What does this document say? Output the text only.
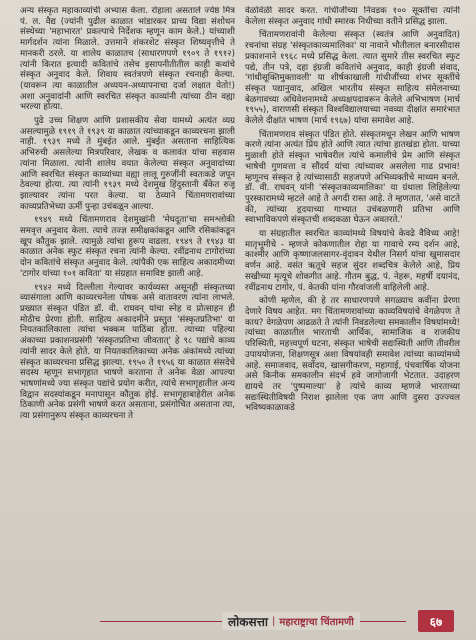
अन्य संस्कृत महाकाव्यांची अभ्यास केला. रोहाला असताले ज्येष्ठ मित्र पं. ल. वैद्य (ज्यांनी पुढील काळात भांडारकर प्राच्य विद्या संशोधन संस्थेच्या 'महाभारत' प्रकल्पाचे निर्देशक म्हणून काम केले.) यांच्याशी मार्गदर्शन त्यांना मिळाले. उत्तमाने शंकरशेट संस्कृत शिष्यवृत्तीचे ते मानकरी ठरले. या शालेय काळातच (साधारणपणे १९०९ ते १९१२) त्यांनी किरात इत्यादी कवितांचे तसेच इसापनीतीतील काही कथांचे संस्कृत अनुवाद केले. शिवाय स्वतंत्रपणे संस्कृत रचनाही केल्या. (यावरून त्या काळातील अध्ययन-अध्यापनाचा दर्जा लक्षात येतो!) अशा अनुवादांनी आणि स्वरचित संस्कृत काव्यांनी त्यांच्या ठीन वह्या भरल्या होत्या.

पुढे उच्च शिक्षण आणि प्रशासकीय सेवा यामध्ये अत्यंत व्यग्र असल्यामुळे १९१९ ते १९३९ या काळात त्यांच्याकडून काव्यरचना झाली नाही. १९३९ मध्ये ते मुंबईत आले. मुंबईत असताना साहित्यिक अभिरुची असलेल्या मित्रपरिवार, लेखक व कलावंत यांचा सहवास त्यांना मिळाला. त्यांनी शालेय वयात केलेल्या संस्कृत अनुवादांच्या आणि स्वरचित संस्कृत काव्यांच्या वह्या लालू गुरुजींनी स्वतःकडे जपून ठेवल्या होत्या. त्या त्यांनी १९३९ मध्ये देशमुख हिंदुस्तानी बँकेत रुजू झाल्यावर त्यांना परत केल्या. या ठेव्याने चिंतामणरावांच्या काव्यप्रतिभेच्या ऊर्मी पुन्हा उचंबळून आल्या.

१९४९ मध्ये चिंतामणराव देशमुखांनी 'मेघदूता'चा समश्लोकी समवृत्त अनुवाद केला. त्याचे तज्ज्ञ समीक्षकांकडून आणि रसिकांकडून खूप कौतुक झाले. त्यामुळे त्यांचा हुरूप वाढला. १९४९ ते १९४३ या काळात अनेक स्फुट संस्कृत रचना त्यांनी केल्या. रवींद्रनाथ टागोरांच्या दोन कवितांचे संस्कृत अनुवाद केले. त्यांपैकी एक साहित्य अकादमीच्या 'टागोर यांच्या १०१ कविता' या संग्रहात समाविष्ट झाली आहे.

१९४२ मध्ये दिल्लीला गेल्यावर कार्यव्यस्त असूनही संस्कृतच्या व्यासंगाला आणि काव्यरचनेला पोषक असे वातावरण त्यांना लाभले. प्रख्यात संस्कृत पंडित डॉ. वी. राघवन् यांचा स्नेह व प्रोत्साहन ही मोठीच प्रेरणा होती. साहित्य अकादमीने प्रस्तुत 'संस्कृतप्रतिभा' या नियतकालिकाला त्यांचा भक्कम पाठिंबा होता. त्याच्या पहिल्या अंकाच्या प्रकाशनप्रसंगी 'संस्कृतप्रतिभा जीवतात्' हे ९८ पद्यांचे काव्य त्यांनी सादर केले होते. या नियतकालिकाच्या अनेक अंकांमध्ये त्यांच्या संस्कृत काव्यरचना प्रसिद्ध झाल्या. १९५० ते १९५६ या काळात संसदेचे सदस्य म्हणून सभागृहात भाषणे करताना ते अनेक वेळा आपल्या भाषणांमध्ये ज्या संस्कृत पद्यांचे प्रयोग करीत, त्यांचे सभागृहातील अन्य विद्वान सदस्यांकडून मनापासून कौतुक होई. सभागृहाबाहेरील अनेक ठिकाणी अनेक प्रसंगी भाषणे करत असताना, प्रसंगोचित असताना त्या, त्या प्रसंगानुरूप संस्कृत काव्यरचना ते

वेळोवेळी सादर करत. गांधीजींच्या निवडक १०० सूक्तींचा त्यांनी केलेला संस्कृत अनुवाद गांधी स्मारक निधीच्या वतीने प्रसिद्ध झाला.

चिंतामणरावांनी केलेल्या संस्कृत (स्वतंत्र आणि अनुवादित) रचनांचा संग्रह 'संस्कृतकाव्यमालिका' या नावाने भौतीलाल बनारसीदास प्रकाशनाने १९६८ मध्ये प्रसिद्ध केला. त्यात सुमारे तीस स्वरचित स्फुट पद्ये, तीन पत्रे, दहा इंग्रजी कवितांचे अनुवाद, काही इंग्रजी संवाद, 'गांधीसूक्तिमुक्तावली' या शीर्षकाखाली गांधीजींच्या शंभर सूक्तींचे संस्कृत पद्यानुवाद, अखिल भारतीय संस्कृत साहित्य संमेलनाच्या बेळगावच्या अधिवेशनामध्ये अध्यक्षपदावरून केलेले अभिभाषण (मार्च १९५५), वाराणसी संस्कृत विश्वविद्यालयाच्या नवव्या दीक्षांत समारंभात केलेले दीक्षांत भाषण (मार्च १९६७) यांचा समावेश आहे.

चिंतामणराव संस्कृत पंडित होते. संस्कृतमधून लेखन आणि भाषण करणे त्यांना अत्यंत प्रिय होते आणि त्यात त्यांचा हातखंडा होता. याच्या मुळाशी होते संस्कृत भाषेवरील त्यांचे कमालीचे प्रेम आणि संस्कृत भाषेची गुणवत्ता व सौंदर्य यांचा त्यांच्यावर असलेला गाढ प्रभाव! म्हणूनच संस्कृत हे त्यांच्यासाठी सहजपणे अभिव्यक्तीचे माध्यम बनले. डॉ. वी. राघवन् यांनी 'संस्कृतकाव्यमालिका' या ग्रंथाला लिहिलेल्या पुरस्कारामध्ये म्हटले आहे ते अगदी रास्त आहे. ते म्हणतात, 'असे वाटते की, त्यांच्या हृदयाच्या गाभ्यात उचंबळणारी प्रतिभा आणि स्वाभाविकपणे संस्कृतची शब्दकळा घेऊन अवतरते.'

या संग्रहातील स्वरचित काव्यांमध्ये विषयांचे केवढे वैविध्य आहे! मातृभूमीचे - म्हणजे कोकणातील रोहा या गावाचे रम्य दर्शन आहे, काश्मीर आणि कृष्णाजलसागर-वृंदावन येथील निसर्ग यांचा खुमासदार वर्णन आहे. वसंत ऋतूचे सहज सुंदर शब्दचित्र केलेले आहे, प्रिय सखीच्या मृत्यूचे शोकगीत आहे. गौतम बुद्ध, पं. नेहरू, महर्षी दयानंद, रवींद्रनाथ टागोर, पं. केतकी यांना गौरवांजली वाहिलेली आहे.

कोणी म्हणेल, की हे तर साधारणपणे सगळ्याच कवींना प्रेरणा देणारे विषय आहेत. मग चिंतामणरावांच्या काव्यविषयांचे वेगळेपण ते काय? वेगळेपण आढळते ते त्यांनी निवडलेल्या समकालीन विषयांमध्ये! त्यांच्या काळातील भारताची आर्थिक, सामाजिक व राजकीय परिस्थिती, महत्त्वपूर्ण घटना, संस्कृत भाषेची सद्यःस्थिती आणि तीवरील उपाययोजना, शिक्षणसूत्र अशा विषयांवही समावेश त्यांच्या काव्यांमध्ये आहे. समाजवाद, सर्वोदय, खासगीकरण, महागाई, पंचवार्षिक योजना असे किनीक समकालीन संदर्भ हवे जागोजागी भेटतात. उदाहरण द्यायचे तर 'पुष्पमाल्या' हे त्यांचे काव्य म्हणजे भारताच्या सद्यःस्थितीविषयी निराश झालेला एक जण आणि दुसरा उज्ज्वल भविष्यकाळाकडे

लोकसत्ता | महाराष्ट्राचा चिंतामणी	६७
